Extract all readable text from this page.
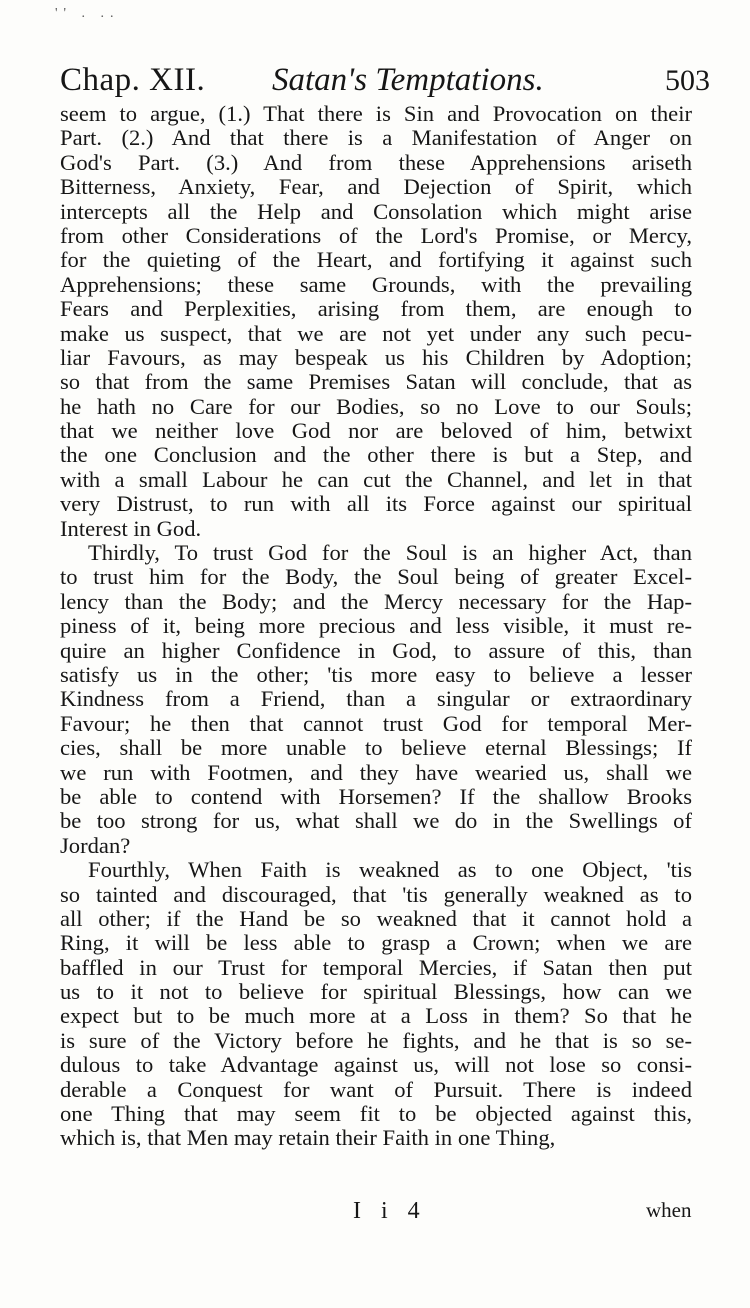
'' . ..
Chap. XII. Satan's Temptations.	503
seem to argue, (1.) That there is Sin and Provocation on their
Part. (2.) And that there is a Manifestation of Anger on
God's Part. (3.) And from these Apprehensions ariseth
Bitterness, Anxiety, Fear, and Dejection of Spirit, which
intercepts all the Help and Consolation which might arise
from other Considerations of the Lord's Promise, or Mercy,
for the quieting of the Heart, and fortifying it against such
Apprehensions; these same Grounds, with the prevailing
Fears and Perplexities, arising from them, are enough to
make us suspect, that we are not yet under any such pecu-
liar Favours, as may bespeak us his Children by Adoption;
so that from the same Premises Satan will conclude, that as
he hath no Care for our Bodies, so no Love to our Souls;
that we neither love God nor are beloved of him, betwixt
the one Conclusion and the other there is but a Step, and
with a small Labour he can cut the Channel, and let in that
very Distrust, to run with all its Force against our spiritual
Interest in God.
Thirdly, To trust God for the Soul is an higher Act, than
to trust him for the Body, the Soul being of greater Excel-
lency than the Body; and the Mercy necessary for the Hap-
piness of it, being more precious and less visible, it must re-
quire an higher Confidence in God, to assure of this, than
satisfy us in the other; 'tis more easy to believe a lesser
Kindness from a Friend, than a singular or extraordinary
Favour; he then that cannot trust God for temporal Mer-
cies, shall be more unable to believe eternal Blessings; If
we run with Footmen, and they have wearied us, shall we
be able to contend with Horsemen? If the shallow Brooks
be too strong for us, what shall we do in the Swellings of
Jordan?
Fourthly, When Faith is weakned as to one Object, 'tis
so tainted and discouraged, that 'tis generally weakned as to
all other; if the Hand be so weakned that it cannot hold a
Ring, it will be less able to grasp a Crown; when we are
baffled in our Trust for temporal Mercies, if Satan then put
us to it not to believe for spiritual Blessings, how can we
expect but to be much more at a Loss in them? So that he
is sure of the Victory before he fights, and he that is so se-
dulous to take Advantage against us, will not lose so consi-
derable a Conquest for want of Pursuit. There is indeed
one Thing that may seem fit to be objected against this,
which is, that Men may retain their Faith in one Thing,
I i 4	when
